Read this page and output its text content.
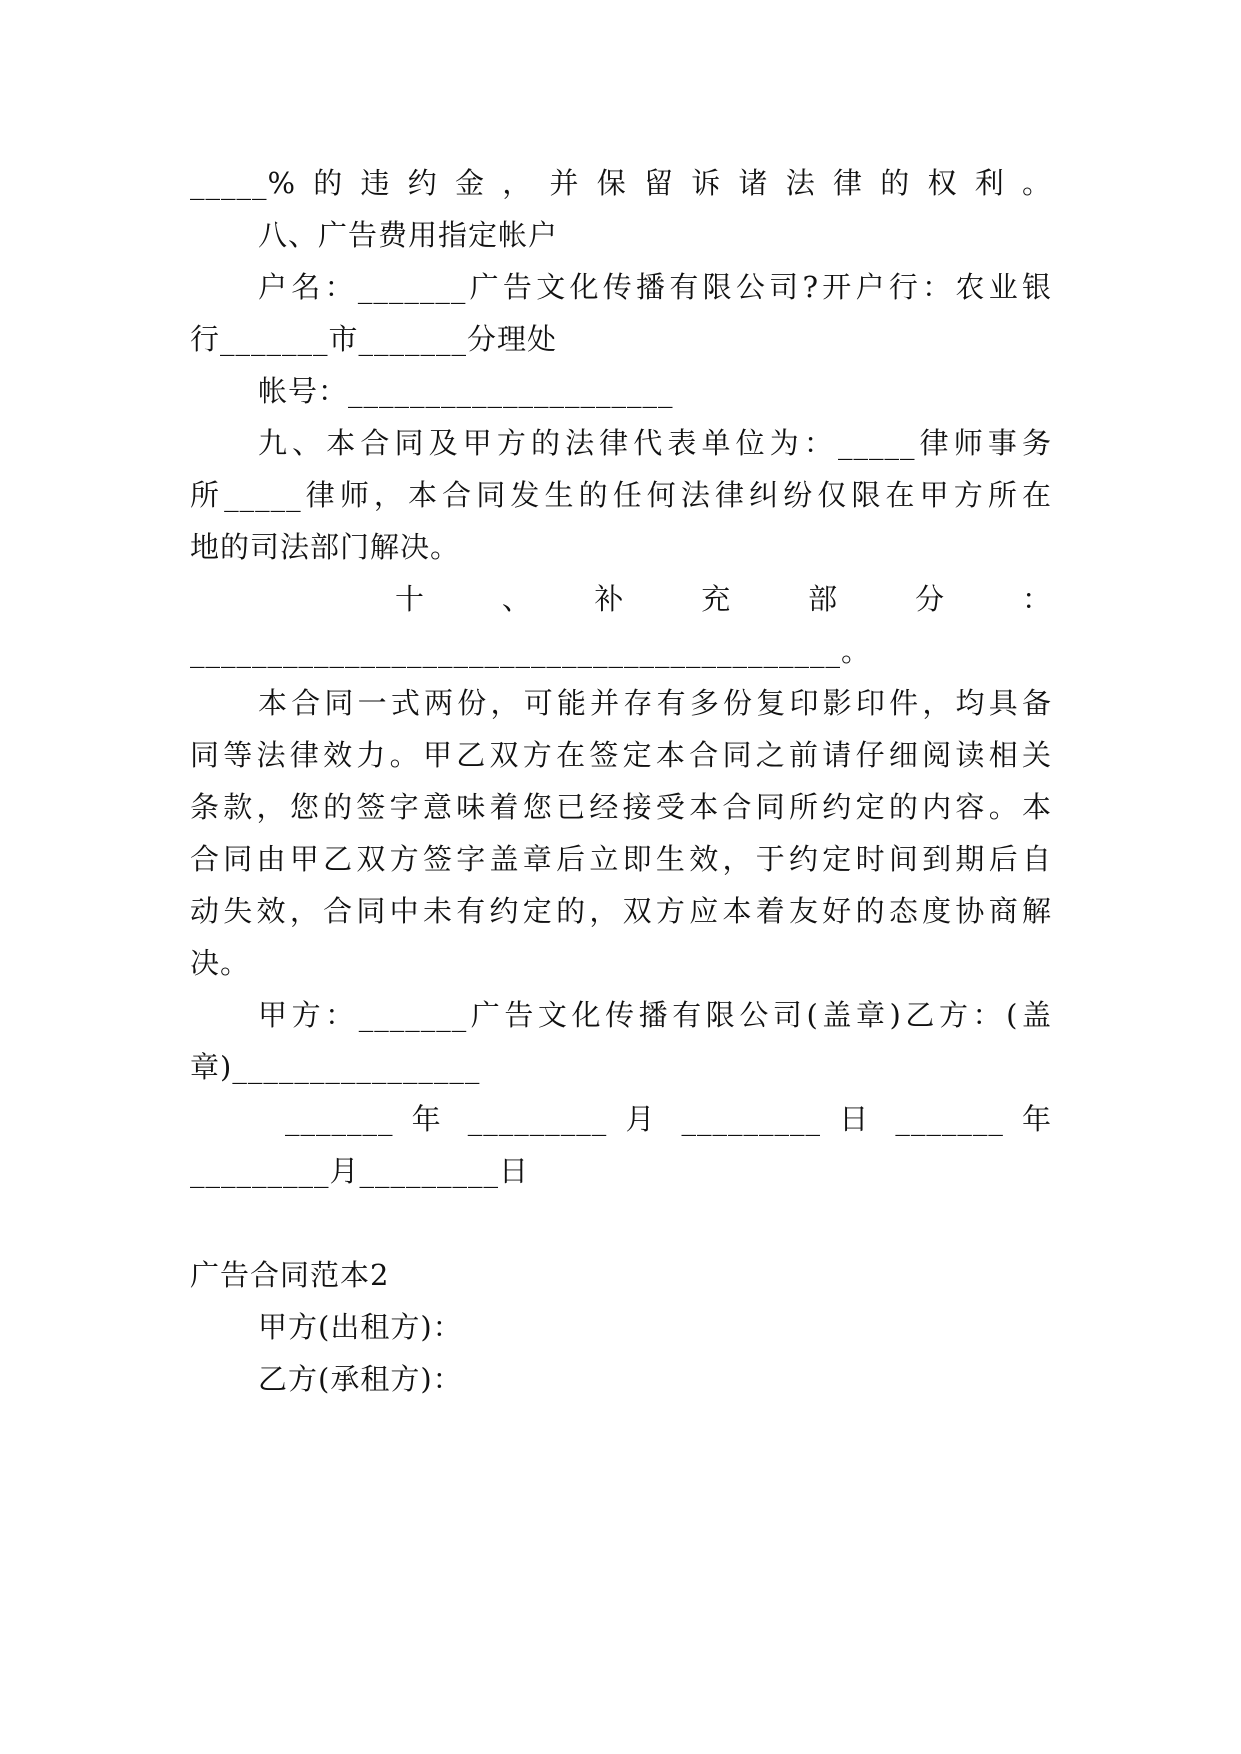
_____%的违约金，并保留诉诸法律的权利。
八、广告费用指定帐户
户名：_______广告文化传播有限公司?开户行：农业银
行_______市_______分理处
帐号：_____________________
九、本合同及甲方的法律代表单位为：_____律师事务
所_____律师，本合同发生的任何法律纠纷仅限在甲方所在
地的司法部门解决。
十　、　补　充　部　分　：
__________________________________________。
本合同一式两份，可能并存有多份复印影印件，均具备
同等法律效力。甲乙双方在签定本合同之前请仔细阅读相关
条款，您的签字意味着您已经接受本合同所约定的内容。本
合同由甲乙双方签字盖章后立即生效，于约定时间到期后自
动失效，合同中未有约定的，双方应本着友好的态度协商解
决。
甲方：_______广告文化传播有限公司(盖章)乙方：(盖
章)________________
_______ 年 _________ 月 _________ 日 _______ 年
_________月_________日
广告合同范本2
甲方(出租方)：
乙方(承租方)：
